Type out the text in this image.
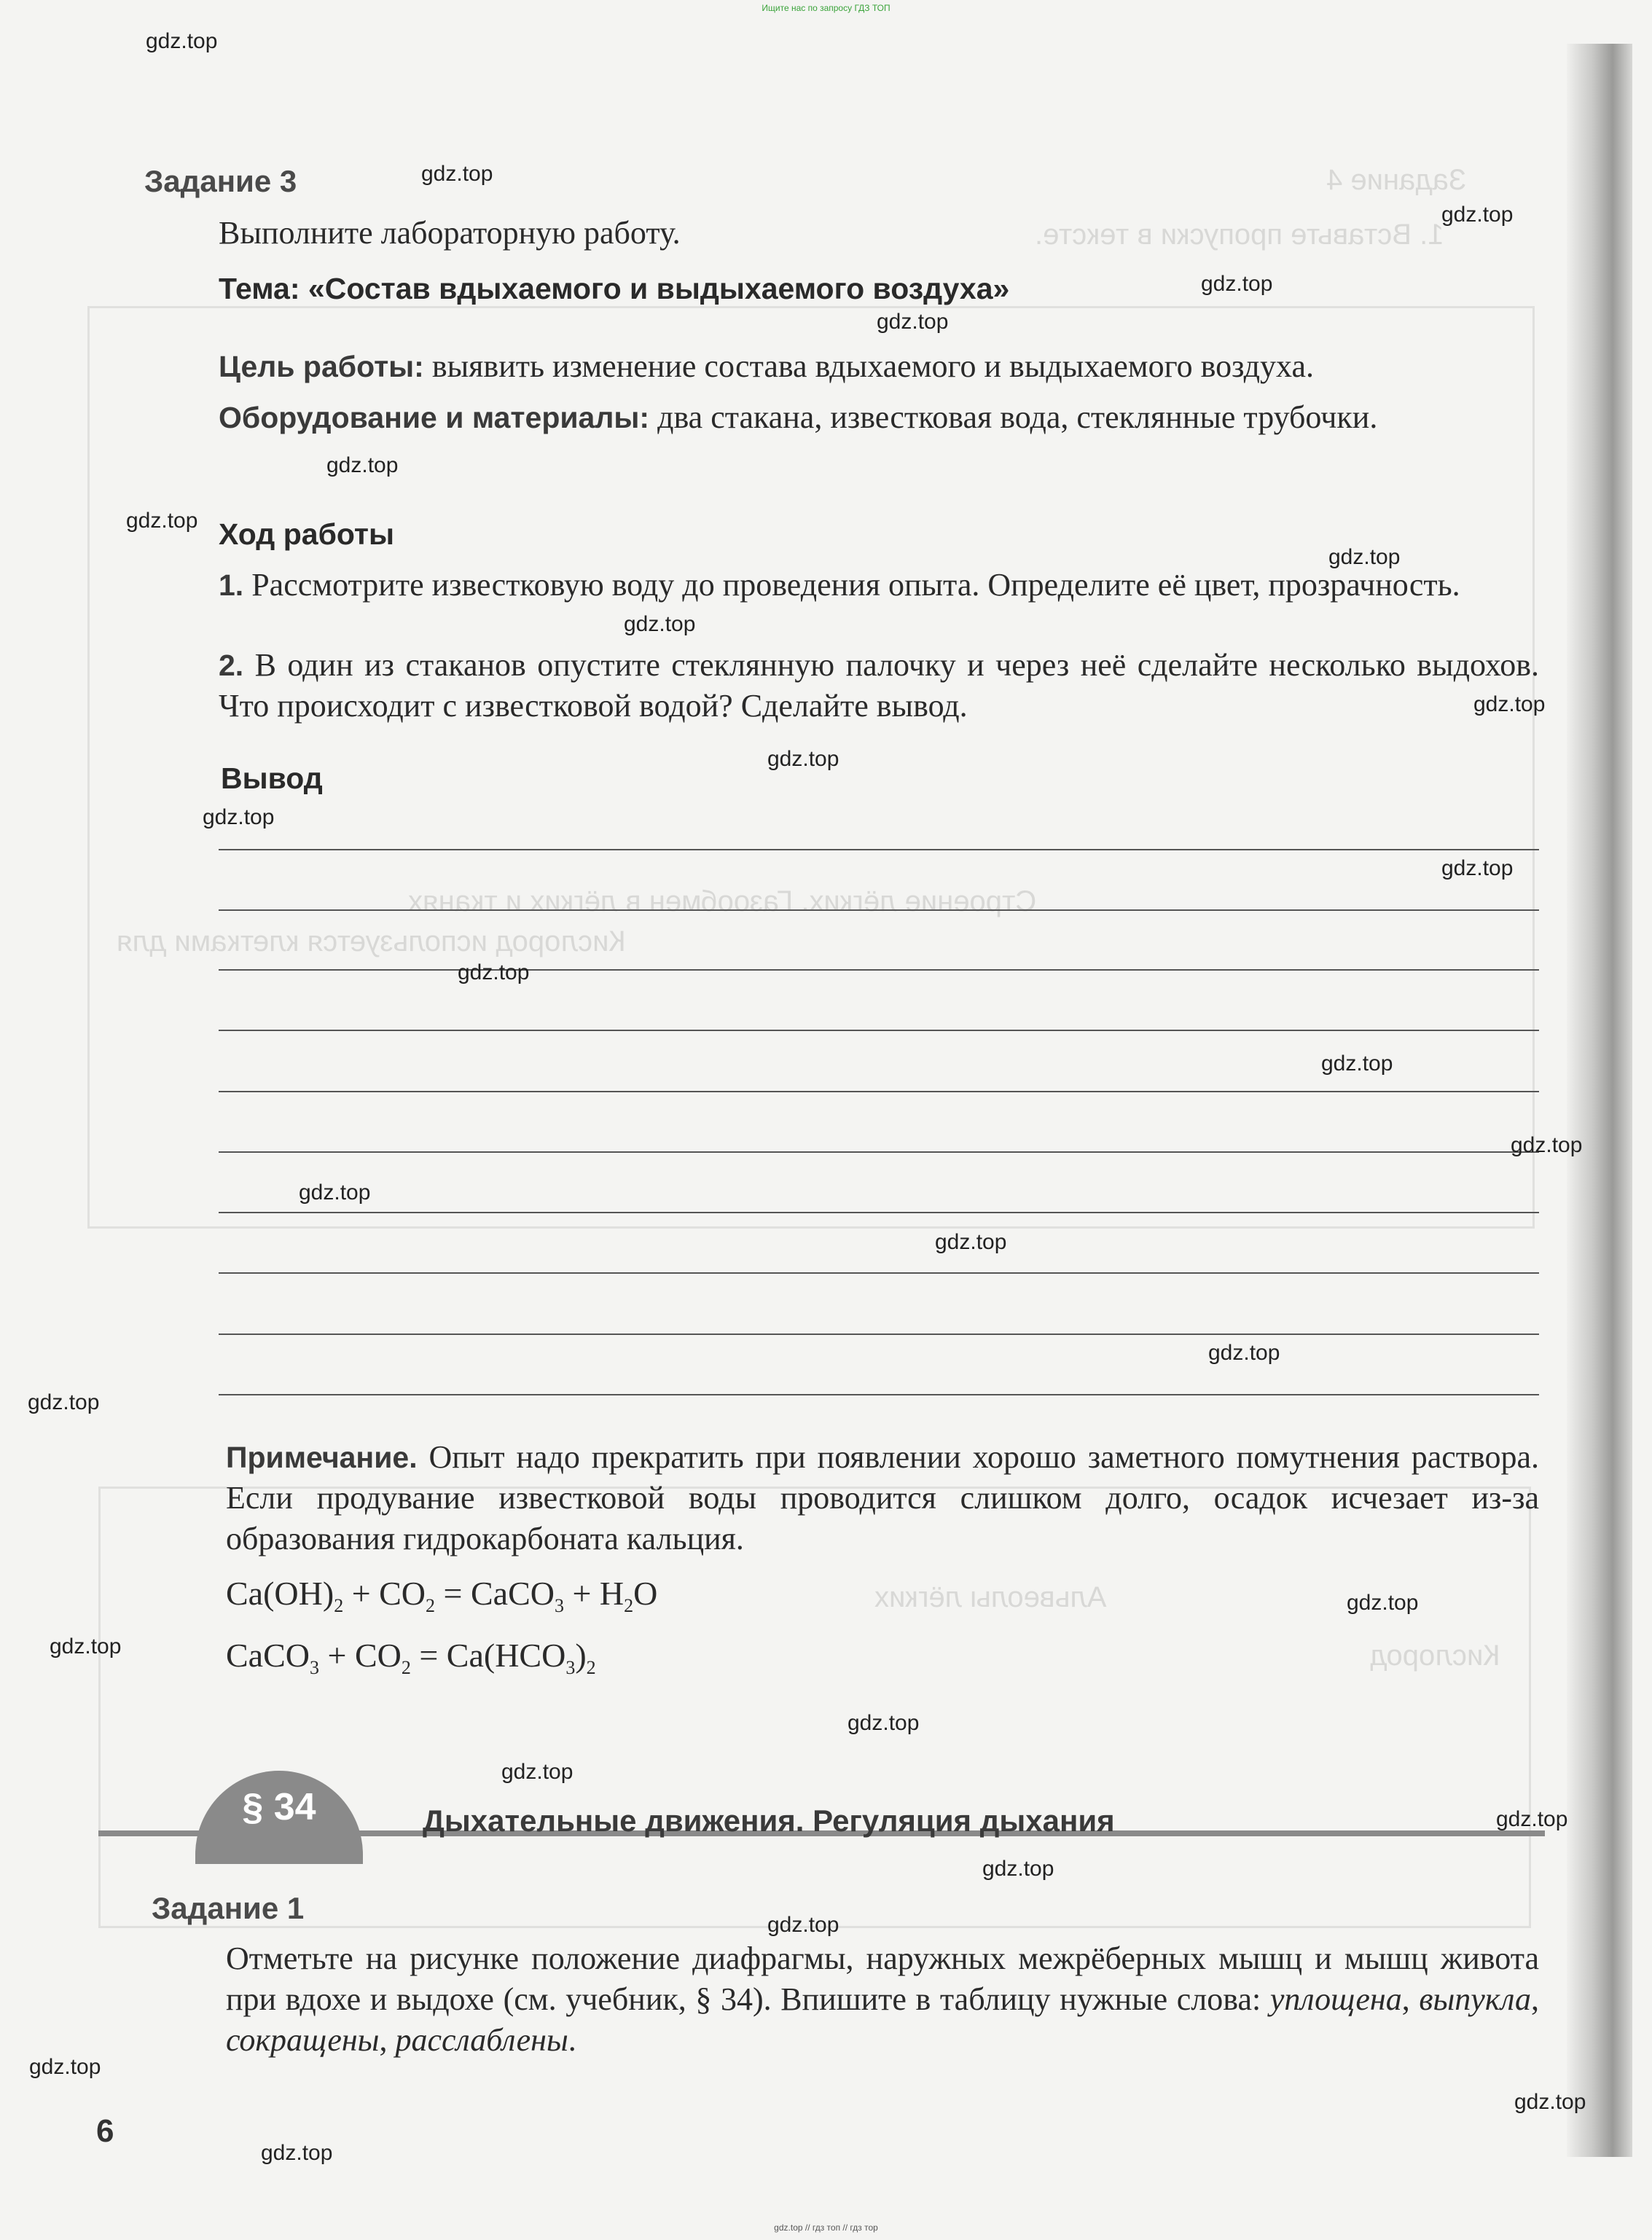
Задание 4
1. Вставьте пропуски в тексте.
Строение лёгких. Газообмен в лёгких и тканях
Кислород используется клетками для
Альвеолы лёгких
Кислород
Ищите нас по запросу ГДЗ ТОП
Задание 3
Выполните лабораторную работу.
Тема: «Состав вдыхаемого и выдыхаемого воздуха»
Цель работы: выявить изменение состава вдыхаемого и выдыхаемого воздуха.
Оборудование и материалы: два стакана, известковая вода, стеклянные трубочки.
Ход работы
1. Рассмотрите известковую воду до проведения опыта. Определите её цвет, прозрачность.
2. В один из стаканов опустите стеклянную палочку и через неё сделайте несколько выдохов. Что происходит с известковой водой? Сделайте вывод.
Вывод
Примечание. Опыт надо прекратить при появлении хорошо заметного помутнения раствора. Если продувание известковой воды проводится слишком долго, осадок исчезает из-за образования гидрокарбоната кальция.
$Ca(OH)_2 + CO_2$ = CaCO$_3$ + $H_2O$
CaCO$_3$ + $CO_2 = Ca(HCO_3)_2$
§ 34	Дыхательные движения. Регуляция дыхания
Задание 1
Отметьте на рисунке положение диафрагмы, наружных межрёберных мышц и мышц живота при вдохе и выдохе (см. учебник, § 34). Впишите в таблицу нужные слова: уплощена, выпукла, сокращены, расслаблены.
6
gdz.top
gdz.top
gdz.top
gdz.top
gdz.top
gdz.top
gdz.top
gdz.top
gdz.top
gdz.top
gdz.top
gdz.top
gdz.top
gdz.top
gdz.top
gdz.top
gdz.top
gdz.top
gdz.top
gdz.top
gdz.top
gdz.top
gdz.top
gdz.top
gdz.top
gdz.top
gdz.top
gdz.top
gdz.top
gdz.top
gdz.top // гдз топ // гдз тор
